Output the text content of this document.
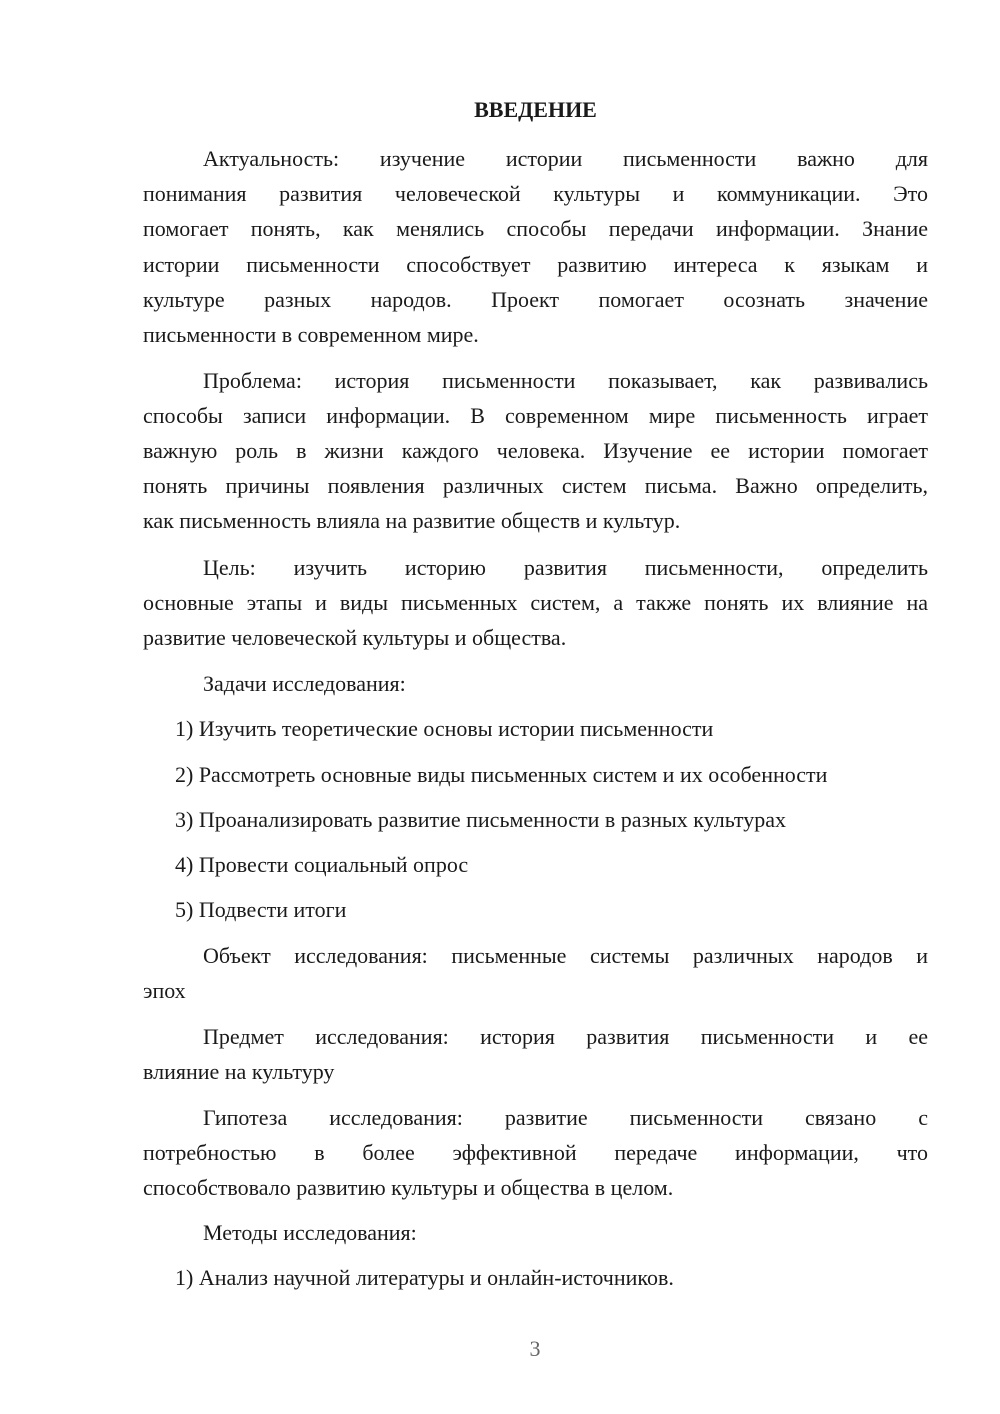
ВВЕДЕНИЕ
Актуальность: изучение истории письменности важно для
понимания развития человеческой культуры и коммуникации. Это
помогает понять, как менялись способы передачи информации. Знание
истории письменности способствует развитию интереса к языкам и
культуре разных народов. Проект помогает осознать значение
письменности в современном мире.
Проблема: история письменности показывает, как развивались
способы записи информации. В современном мире письменность играет
важную роль в жизни каждого человека. Изучение ее истории помогает
понять причины появления различных систем письма. Важно определить,
как письменность влияла на развитие обществ и культур.
Цель: изучить историю развития письменности, определить
основные этапы и виды письменных систем, а также понять их влияние на
развитие человеческой культуры и общества.
Задачи исследования:
1) Изучить теоретические основы истории письменности
2) Рассмотреть основные виды письменных систем и их особенности
3) Проанализировать развитие письменности в разных культурах
4) Провести социальный опрос
5) Подвести итоги
Объект исследования: письменные системы различных народов и
эпох
Предмет исследования: история развития письменности и ее
влияние на культуру
Гипотеза исследования: развитие письменности связано с
потребностью в более эффективной передаче информации, что
способствовало развитию культуры и общества в целом.
Методы исследования:
1) Анализ научной литературы и онлайн-источников.
3
